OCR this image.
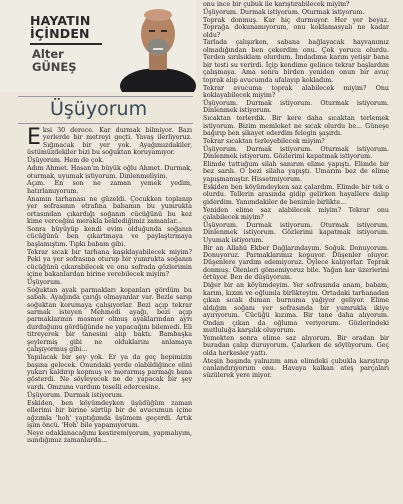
HAYATIN
İÇİNDEN
Alter
GÜNEŞ
Üşüyorum

Eksi 30 derece. Kar durmak bilmiyor. Bazı yerlerde bir metreyi geçti. Yavaş ilerliyoruz. Sığınacak bir yer yok. Ayağımızdakiler, üstümüzdekiler bizi bu soğuktan koruyamıyor.

Üşüyorum. Hem de çok.

Adım Ahmet. Hasan'ın büyük oğlu Ahmet. Durmak, oturmak, uyumak istiyorum. Dinlenmeliyim.

Açım. En son ne zaman yemek yedim, hatırlamıyorum.

Anamın tarhanası ne güzeldi. Çocukken toplanıp yer sofrasının etrafına babamın bu yumrukta ortasından çıkardığı soğanın cücüğünü bu kez kime verceğini merakla beklediğimiz zamanlar...

Sonra büyüyüp kendi evim olduğunda soğanın cücüğünü ben çıkartmaya ve paylaştırmaya başlamıştım. Tıpkı babam gibi.

Tekrar sıcak bir tarhana kaşıklayabilecek miyim? Peki ya yer sofrasına oturup bir yumrukta soğanın cücüğünü çıkarabilecek ve onu sofrada gözlerimin içine bakanlardan birine verebilecek miyim?

Üşüyorum.

Soğuktan ayak parmakları kopanları gördüm bu sabah. Ayağında çarığı olmayanlar var. Bezle sarıp soğuktan korumaya çalışıyorlar. Bezi açıp tekrar sarmak isteyen Mehmedi ayağı, bezi açıp parmaklarının mosmor olmuş ayaklarından ayrı durduğunu gördüğünde ne yapacağını bilemedi. Eli titreyerek bir tanesini alıp baktı. Bambaşka şeylermiş gibi ne olduklarını anlamaya çalışıyormuş gibi...

Yapılacak bir şey yok. Er ya da geç hepimizin başına gelecek. Onundaki yerde olabildiğince elini yukarı kaldırıp kopmuş ve morarmış parmağı bana gösterdi. Ne söyleyecek ne de yapacak bir şey vardı. Omzuna vurdum teselli edercesine.

Üşüyorum. Durmak istiyorum.

Eskiden, ben köyümdeyken üşüdüğüm zaman ellerimi bir birine sürtüp bir de avucumun içine ağzımla 'hoh' yaptığımda üşümem geçerdi. Artık işim öncü. 'Hoh' bile yapamıyorum.

Neye odaklanacağımı kestiremiyorum, yapmalıyım, ısındığımız zamanlarda...

onu ince bir çubuk ile karıştırabilecek miyim?

Üşüyorum. Durmak istiyorum. Oturmak istiyorum.

Toprak donmuş. Kar hiç durmuyor. Her yer beyaz. Toprağa dokunamıyorum, onu koklamasyalı ne kadar oldu?

Tarlada çalışırken, sabana bağlayacak hayvanımız olmadığından ben çekerdim onu. Çok yorucu olurdu. Terden sırılsıklam olurdum. İmdadıma karım yetişir bana bir testi su verirdi. İçip kendime gelince tekrar başlardım çalışmaya. Ama sonra birden yeniden onun bir avuç toprak alıp avucumda ufalayıp kokladım.

Tekrar avucuma toprak alabilecek miyim? Onu koklayabilecek miyim?

Üşüyorum. Durmak istiyorum. Oturmak istiyorum. Dinlenmek istiyorum.

Sıcaktan terlerdik. Bir kere daha sıcaktan terlemek istiyorum. Bizim memleket ne sıcak olurdu be... Güneşe bağırıp ben şikayet ederdim felegin şaşırdı.

Tekrar sıcaktan terleyebilecek miyim?

Üşüyorum. Durmak istiyorum. Oturmak istiyorum. Dinlenmek istiyorum. Gözlerimi kapatmak istiyorum.

Elimde tuttuğum silah sanırım elime yapıştı. Elimde bir bez sarılı. O bezi silaha yapıştı. Umarım bez de elime yapışmamıştır. Hissetmiyorum.

Eskiden ben köyümdeyken saz çalardım. Elimde bir tek o olurdu. Tellerin arasında gidip gelirken hayallere dalıp giderdim. Yanımdakiler de benimle birlikte...

Yeniden elime saz alabilecek miyim? Tekrar onu çalabilecek miyim?

Üşüyorum. Durmak istiyorum. Oturmak istiyorum. Dinlenmek istiyorum. Gözlerimi kapatmak istiyorum. Uyumak istiyorum.

Bir an Allahü Ekber Dağlarındayım. Soğuk. Donuyorum. Donuyoruz. Parmaklarımız kopuyor. Düşenler oluyor. Düşenlere yardım edemiyoruz. Öylece kalıyorlar. Toprak donmuş. Ölenleri gömemiyoruz bile. Yağan kar üzerlerini örtüyor. Ben de düşüyorum.

Diğer bir an köyümdeyim. Yer sofrasında anam, babam, karım, kızım ve oğlumla birlikteyim. Ortadaki tarhanadan çıkan sıcak duman burnuma yağıyor geliyor. Elime aldığım soğanı yer sofrasında bir yumrukla ikiye ayırıyorum. Cücüğü kızıma. Bir tane daha alıyorum. Ondan çıkan da oğluma veriyorum. Gözlerindeki mutluluğa karşılık oluyorum.

Yemekten sonra elime saz alıyorum. Bir oradan bir buradan çalıp duruyorum. Çalarken de söylüyorum. Geç olda herkesler yattı.

Ateşin başında yalnızım ama elimdeki çubukla karıştırıp canlandırıyorum onu. Havaya kalkan ateş parçaları süzülerek yere iniyor.
